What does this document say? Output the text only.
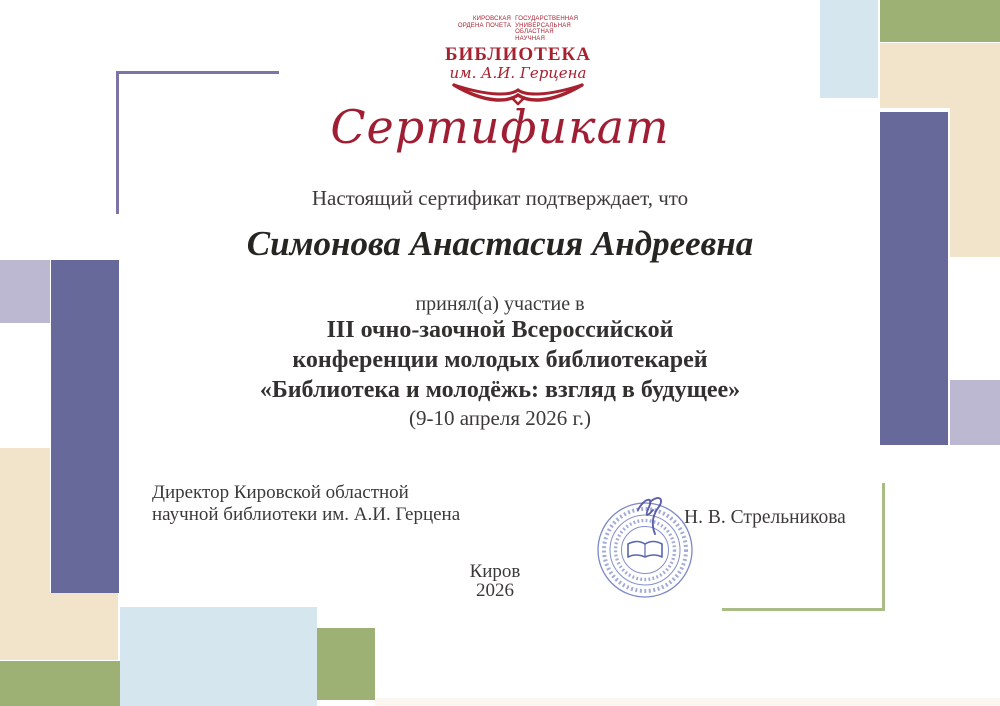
КИРОВСКАЯ
ОРДЕНА ПОЧЕТА
ГОСУДАРСТВЕННАЯ
УНИВЕРСАЛЬНАЯ
ОБЛАСТНАЯ
НАУЧНАЯ
БИБЛИОТЕКА
им. А.И. Герцена
Сертификат
Настоящий сертификат подтверждает, что
Симонова Анастасия Андреевна
принял(а) участие в
III очно-заочной Всероссийской
конференции молодых библиотекарей
«Библиотека и молодёжь: взгляд в будущее»
(9-10 апреля 2026 г.)
Директор Кировской областной
научной библиотеки им. А.И. Герцена	Н. В. Стрельникова
Киров
2026
